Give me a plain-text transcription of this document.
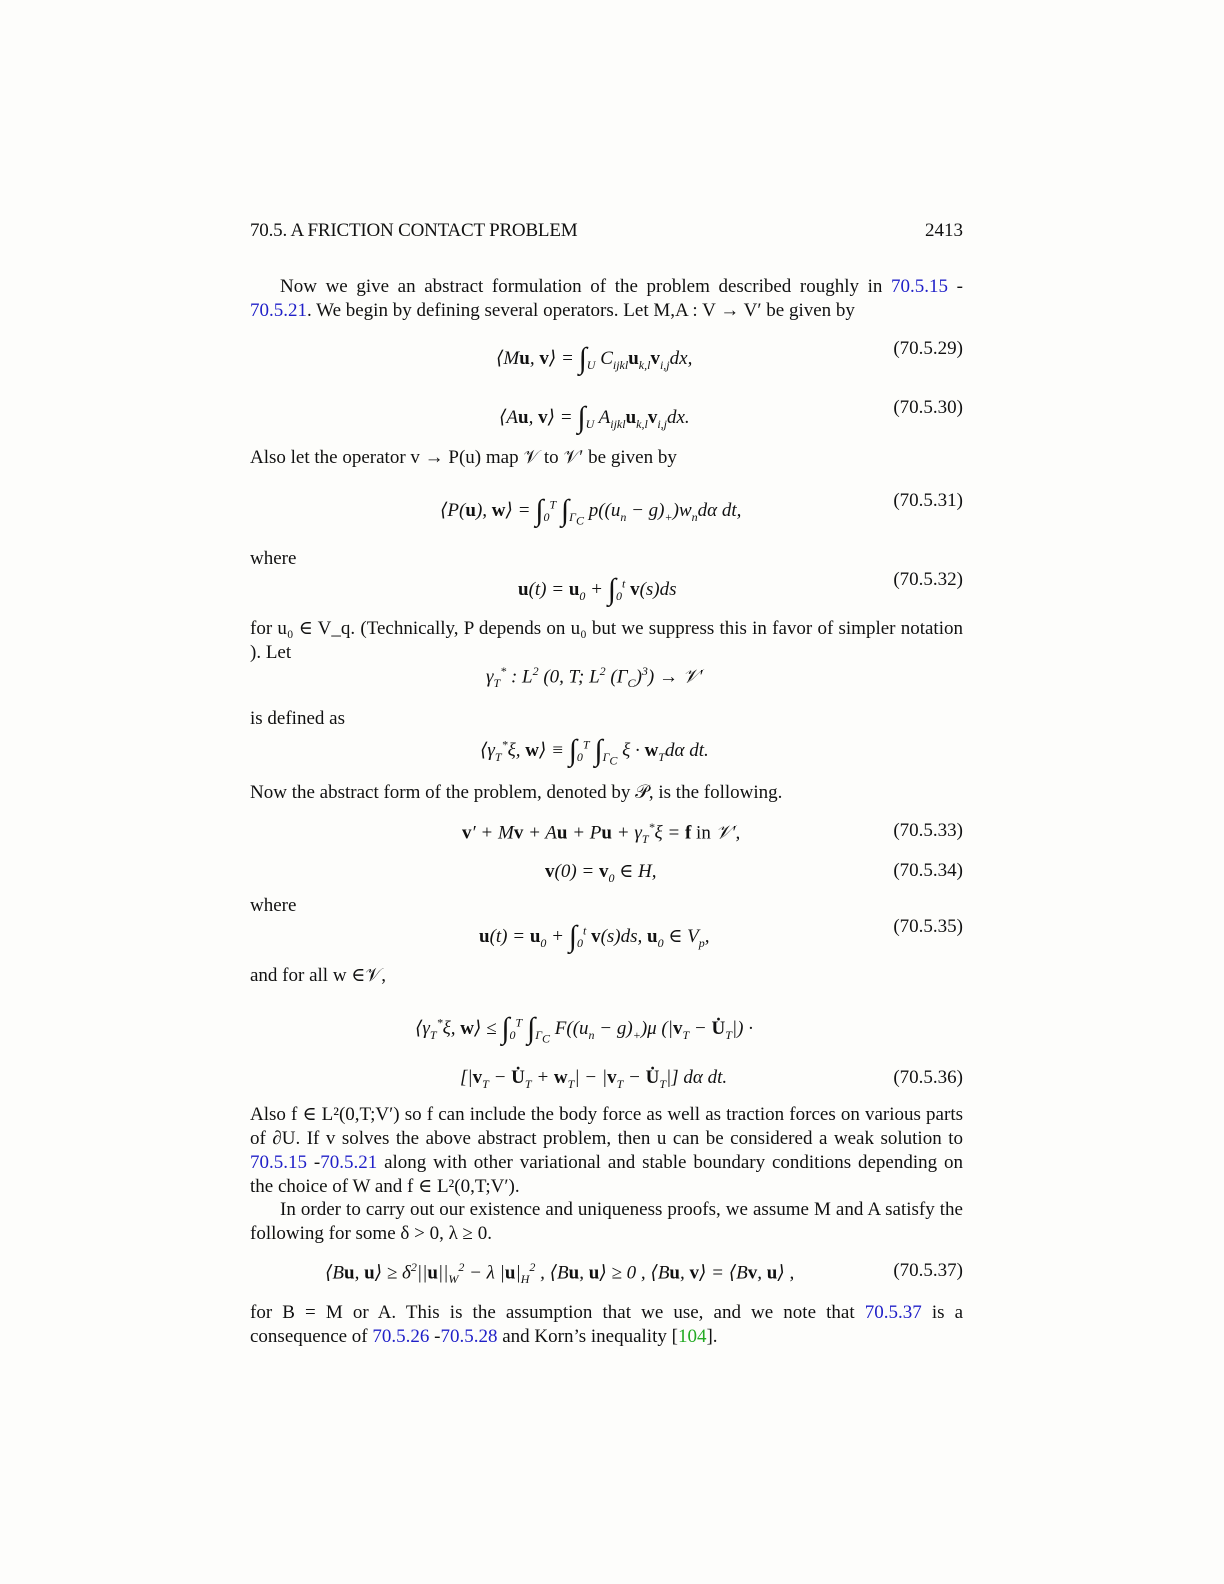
70.5. A FRICTION CONTACT PROBLEM	2413
Now we give an abstract formulation of the problem described roughly in 70.5.15 - 70.5.21. We begin by defining several operators. Let M,A : V → V′ be given by
⟨Mu, v⟩ = $\int_U$ $C_{ijkl}u_{k,l}v_{i,j}dx$,	(70.5.29)
⟨Au, v⟩ = $\int_U$ $A_{ijkl}u_{k,l}v_{i,j}dx$.	(70.5.30)
Also let the operator v → P(u) map 𝒱 to 𝒱′ be given by
⟨P(u), w⟩ = $\int_0^T$ $\int_{\Gamma_C}$ $p((u_n - g)_+)w_nd\alpha$ dt,	(70.5.31)
where
$u(t) = u_0 + \int_0^t$ v(s)ds	(70.5.32)
for u₀ ∈ V_q. (Technically, P depends on u₀ but we suppress this in favor of simpler notation ). Let
$\gamma_T^*$ : $L^2$ (0, T; $L^2$ $(\Gamma_C)^3$) → 𝒱′
is defined as
$⟨\gamma_T^*\xi$, w⟩ ≡ $\int_0^T$ $\int_{\Gamma_C}$ $\xi \cdot w_Td\alpha$ dt.
Now the abstract form of the problem, denoted by 𝒫, is the following.
$v' + Mv + Au + Pu + \gamma_T^*\xi = f$ in 𝒱′,	(70.5.33)
$v(0) = v_0$ ∈ H,	(70.5.34)
where
$u(t) = u_0 + \int_0^t$ v(s)ds, $u_0$ ∈ $V_p$,	(70.5.35)
and for all w ∈𝒱,
$⟨\gamma_T^*\xi$, w⟩ ≤ $\int_0^T$ $\int_{\Gamma_C}$ $F((u_n - g)_+)\mu$ ($|v_T$ − $U̇_T|$) ·
[$|v_T$ − $U̇_T + w_T| - |v_T$ − $U̇_T|$] dα dt.	(70.5.36)
Also f ∈ L²(0,T;V′) so f can include the body force as well as traction forces on various parts of ∂U. If v solves the above abstract problem, then u can be considered a weak solution to 70.5.15 -70.5.21 along with other variational and stable boundary conditions depending on the choice of W and f ∈ L²(0,T;V′).
In order to carry out our existence and uniqueness proofs, we assume M and A satisfy the following for some δ > 0, λ ≥ 0.
⟨Bu, u⟩ ≥ $\delta^2||u||_W^2 - \lambda$ $|u|_H^2$ , ⟨Bu, u⟩ ≥ 0 , ⟨Bu, v⟩ = ⟨Bv, u⟩ ,	(70.5.37)
for B = M or A. This is the assumption that we use, and we note that 70.5.37 is a consequence of 70.5.26 -70.5.28 and Korn’s inequality [104].
